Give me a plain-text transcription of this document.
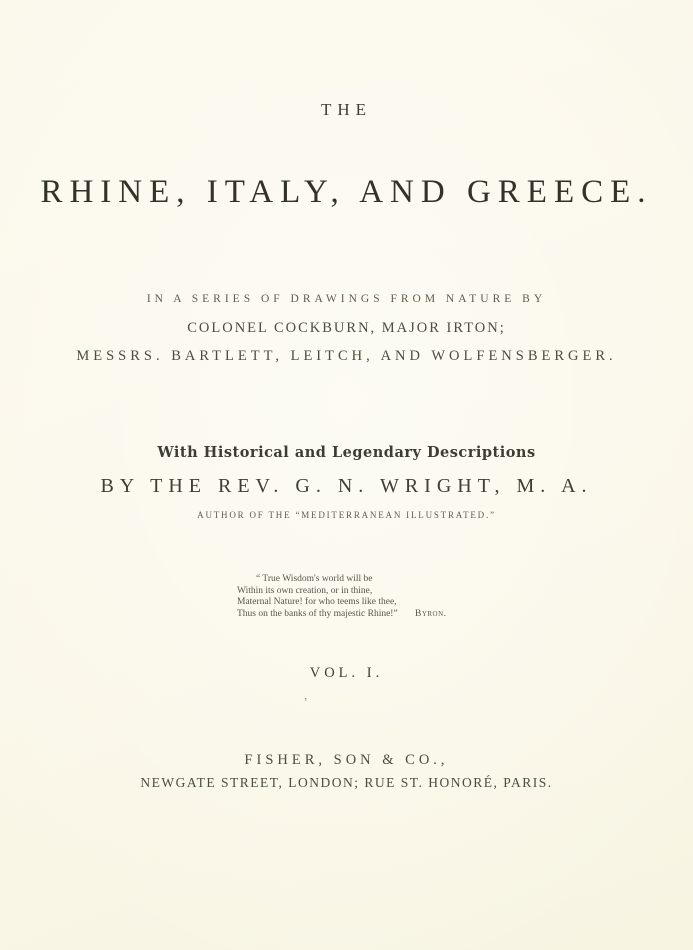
THE
RHINE, ITALY, AND GREECE.
IN A SERIES OF DRAWINGS FROM NATURE BY
COLONEL COCKBURN, MAJOR IRTON;
MESSRS. BARTLETT, LEITCH, AND WOLFENSBERGER.
With Historical and Legendary Descriptions
BY THE REV. G. N. WRIGHT, M. A.
AUTHOR OF THE “MEDITERRANEAN ILLUSTRATED.”
“ True Wisdom's world will be
Within its own creation, or in thine,
Maternal Nature! for who teems like thee,
Thus on the banks of thy majestic Rhine!”	Byron.
VOL. I.
’
FISHER, SON & CO.,
NEWGATE STREET, LONDON; RUE ST. HONORÉ, PARIS.
